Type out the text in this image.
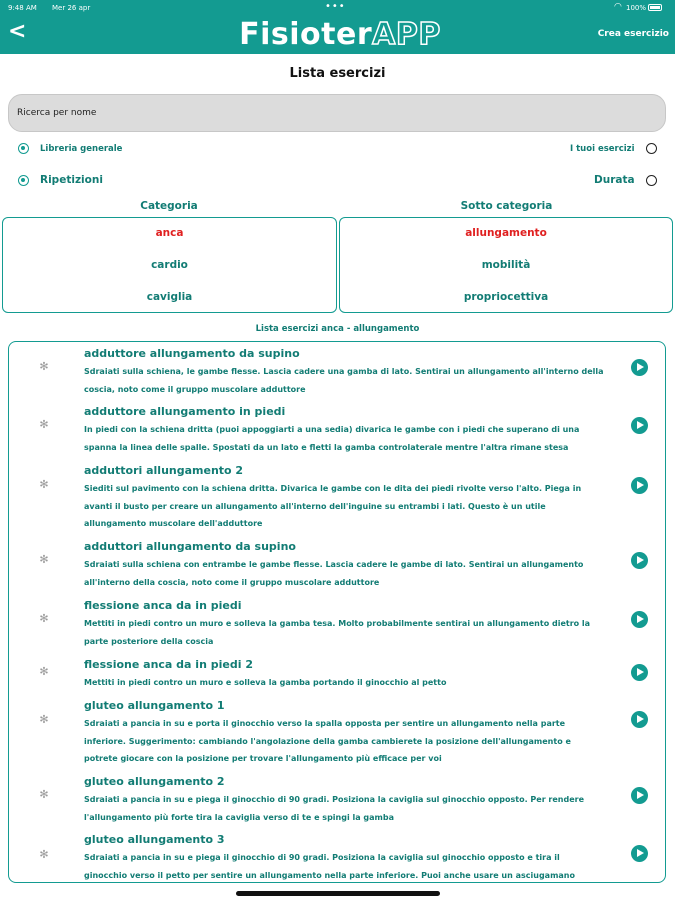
9:48 AM Mer 26 apr	•••	◠ 100%
<	FisioterAPP	Crea esercizio
Lista esercizi
Ricerca per nome
Libreria generale	I tuoi esercizi
Ripetizioni	Durata
Categoria	Sotto categoria
anca
cardio
caviglia
allungamento
mobilità
propriocettiva
Lista esercizi anca - allungamento
✻
adduttore allungamento da supino
Sdraiati sulla schiena, le gambe flesse. Lascia cadere una gamba di lato. Sentirai un allungamento all'interno della coscia, noto come il gruppo muscolare adduttore
✻
adduttore allungamento in piedi
In piedi con la schiena dritta (puoi appoggiarti a una sedia) divarica le gambe con i piedi che superano di una spanna la linea delle spalle. Spostati da un lato e fletti la gamba controlaterale mentre l'altra rimane stesa
✻
adduttori allungamento 2
Siediti sul pavimento con la schiena dritta. Divarica le gambe con le dita dei piedi rivolte verso l'alto. Piega in avanti il busto per creare un allungamento all'interno dell'inguine su entrambi i lati. Questo è un utile allungamento muscolare dell'adduttore
✻
adduttori allungamento da supino
Sdraiati sulla schiena con entrambe le gambe flesse. Lascia cadere le gambe di lato. Sentirai un allungamento all'interno della coscia, noto come il gruppo muscolare adduttore
✻
flessione anca da in piedi
Mettiti in piedi contro un muro e solleva la gamba tesa. Molto probabilmente sentirai un allungamento dietro la parte posteriore della coscia
✻
flessione anca da in piedi 2
Mettiti in piedi contro un muro e solleva la gamba portando il ginocchio al petto
✻
gluteo allungamento 1
Sdraiati a pancia in su e porta il ginocchio verso la spalla opposta per sentire un allungamento nella parte inferiore. Suggerimento: cambiando l'angolazione della gamba cambierete la posizione dell'allungamento e potrete giocare con la posizione per trovare l'allungamento più efficace per voi
✻
gluteo allungamento 2
Sdraiati a pancia in su e piega il ginocchio di 90 gradi. Posiziona la caviglia sul ginocchio opposto. Per rendere l'allungamento più forte tira la caviglia verso di te e spingi la gamba
✻
gluteo allungamento 3
Sdraiati a pancia in su e piega il ginocchio di 90 gradi. Posiziona la caviglia sul ginocchio opposto e tira il ginocchio verso il petto per sentire un allungamento nella parte inferiore. Puoi anche usare un asciugamano
